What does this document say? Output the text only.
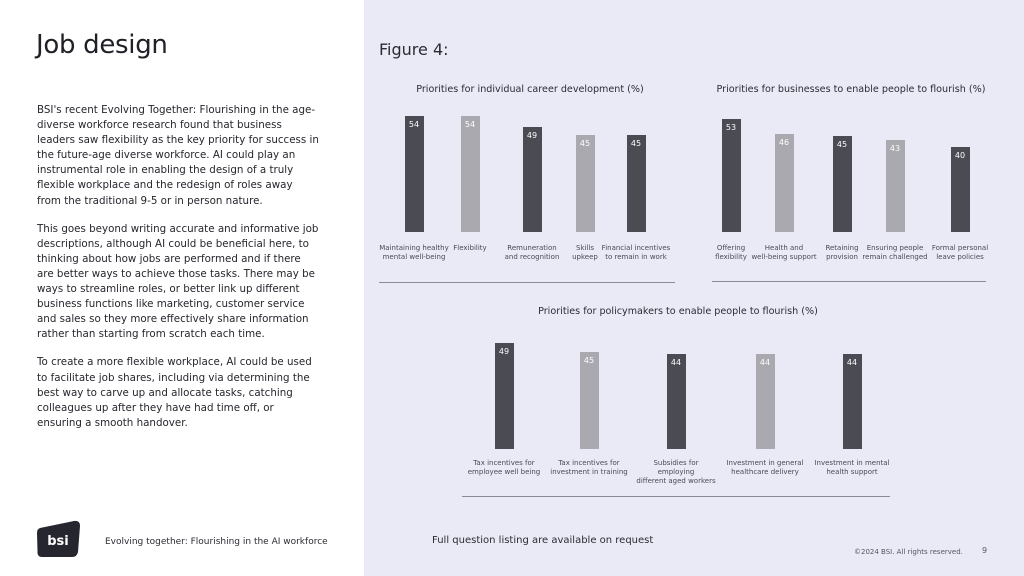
Job design

BSI's recent Evolving Together: Flourishing in the age-diverse workforce research found that business leaders saw flexibility as the key priority for success in the future-age diverse workforce. AI could play an instrumental role in enabling the design of a truly flexible workplace and the redesign of roles away from the traditional 9-5 or in person nature.

This goes beyond writing accurate and informative job descriptions, although AI could be beneficial here, to thinking about how jobs are performed and if there are better ways to achieve those tasks. There may be ways to streamline roles, or better link up different business functions like marketing, customer service and sales so they more effectively share information rather than starting from scratch each time.

To create a more flexible workplace, AI could be used to facilitate job shares, including via determining the best way to carve up and allocate tasks, catching colleagues up after they have had time off, or ensuring a smooth handover.

bsi	Evolving together: Flourishing in the AI workforce
Figure 4:
Priorities for individual career development (%)
54
Maintaining healthy
mental well-being
54
Flexibility
49
Remuneration
and recognition
45
Skills
upkeep
45
Financial incentives
to remain in work
Priorities for businesses to enable people to flourish (%)
53
Offering
flexibility
46
Health and
well-being support
45
Retaining
provision
43
Ensuring people
remain challenged
40
Formal personal
leave policies
Priorities for policymakers to enable people to flourish (%)
49
Tax incentives for
employee well being
45
Tax incentives for
investment in training
44
Subsidies for employing
different aged workers
44
Investment in general
healthcare delivery
44
Investment in mental
health support
Full question listing are available on request
©2024 BSI. All rights reserved. 9
